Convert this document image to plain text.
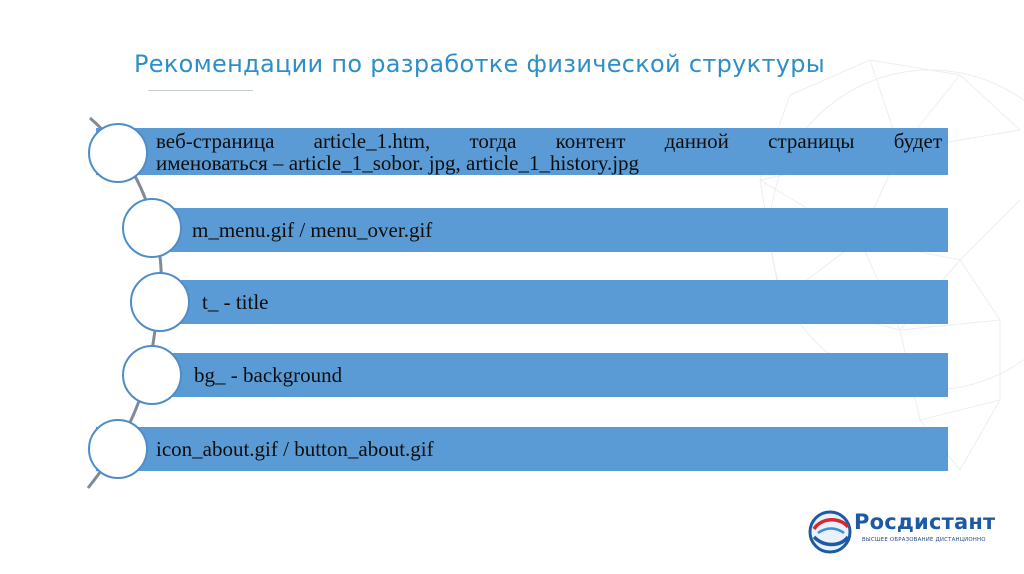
Рекомендации по разработке физической структуры
веб-страница article_1.htm, тогда контент данной страницы будет
именоваться – article_1_sobor. jpg, article_1_history.jpg
m_menu.gif / menu_over.gif
t_ - title
bg_ - background
icon_about.gif / button_about.gif
Росдистант
ВЫСШЕЕ ОБРАЗОВАНИЕ ДИСТАНЦИОННО
